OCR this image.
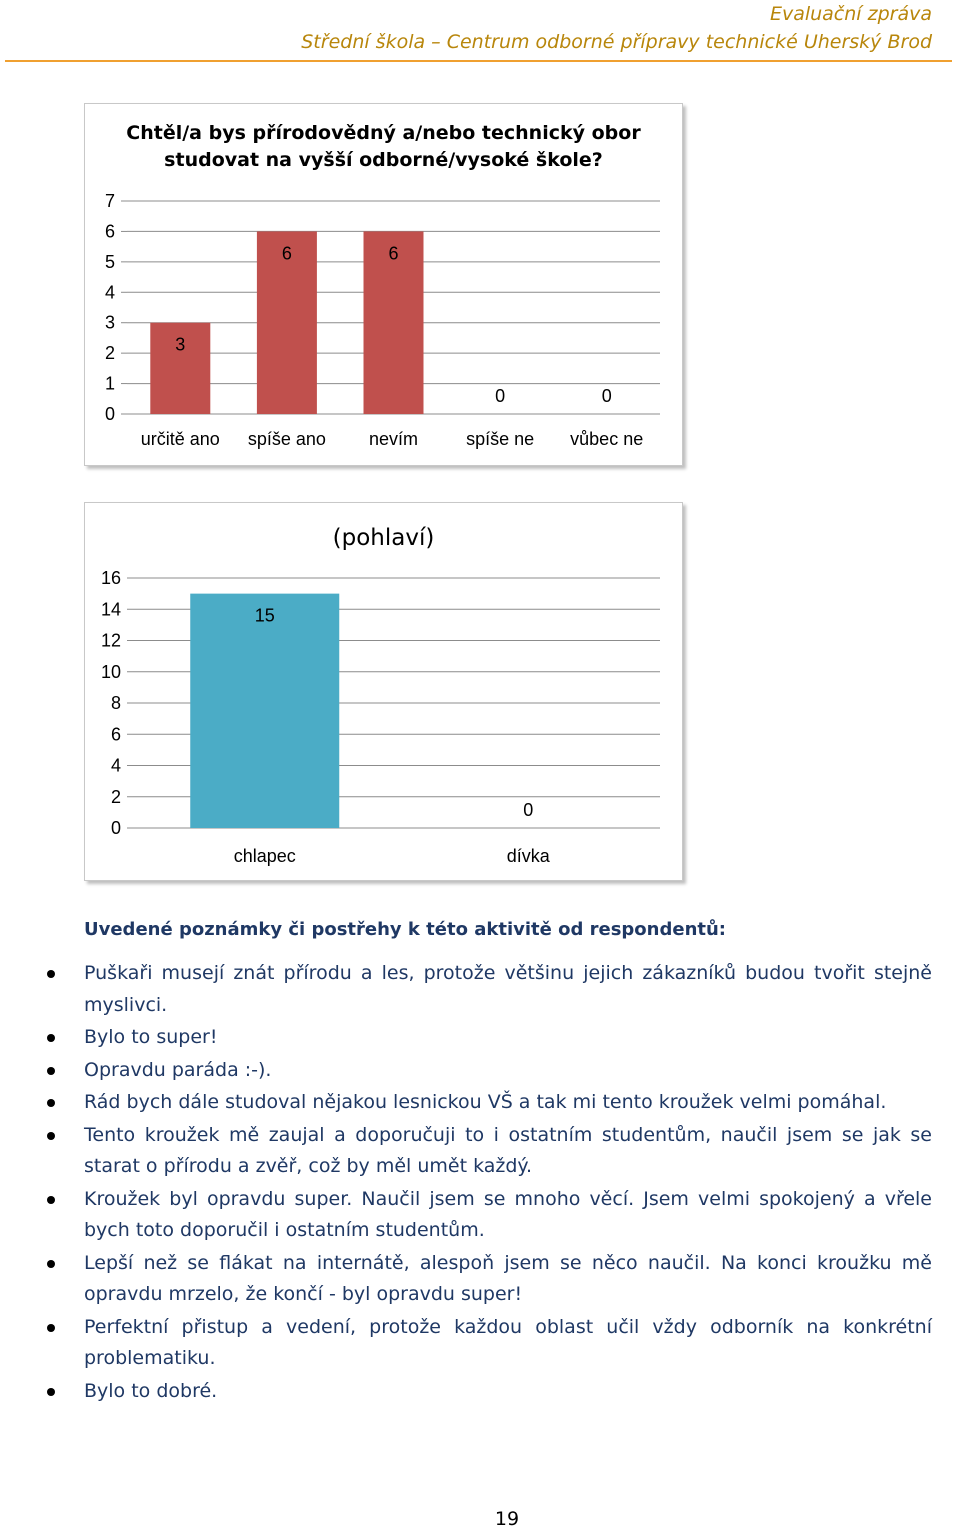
Evaluační zpráva
Střední škola – Centrum odborné přípravy technické Uherský Brod
Chtěl/a bys přírodovědný a/nebo technický obor
studovat na vyšší odborné/vysoké škole?
0
1
2
3
4
5
6
7
3
určitě ano
6
spíše ano
6
nevím
0
spíše ne
0
vůbec ne
(pohlaví)
0
2
4
6
8
10
12
14
16
15
chlapec
0
dívka
Uvedené poznámky či postřehy k této aktivitě od respondentů:
Puškaři musejí znát přírodu a les, protože většinu jejich zákazníků budou tvořit stejně myslivci.
Bylo to super!
Opravdu paráda :-).
Rád bych dále studoval nějakou lesnickou VŠ a tak mi tento kroužek velmi pomáhal.
Tento kroužek mě zaujal a doporučuji to i ostatním studentům, naučil jsem se jak se starat o přírodu a zvěř, což by měl umět každý.
Kroužek byl opravdu super. Naučil jsem se mnoho věcí. Jsem velmi spokojený a vřele bych toto doporučil i ostatním studentům.
Lepší než se flákat na internátě, alespoň jsem se něco naučil. Na konci kroužku mě opravdu mrzelo, že končí - byl opravdu super!
Perfektní přistup a vedení, protože každou oblast učil vždy odborník na konkrétní problematiku.
Bylo to dobré.
19
